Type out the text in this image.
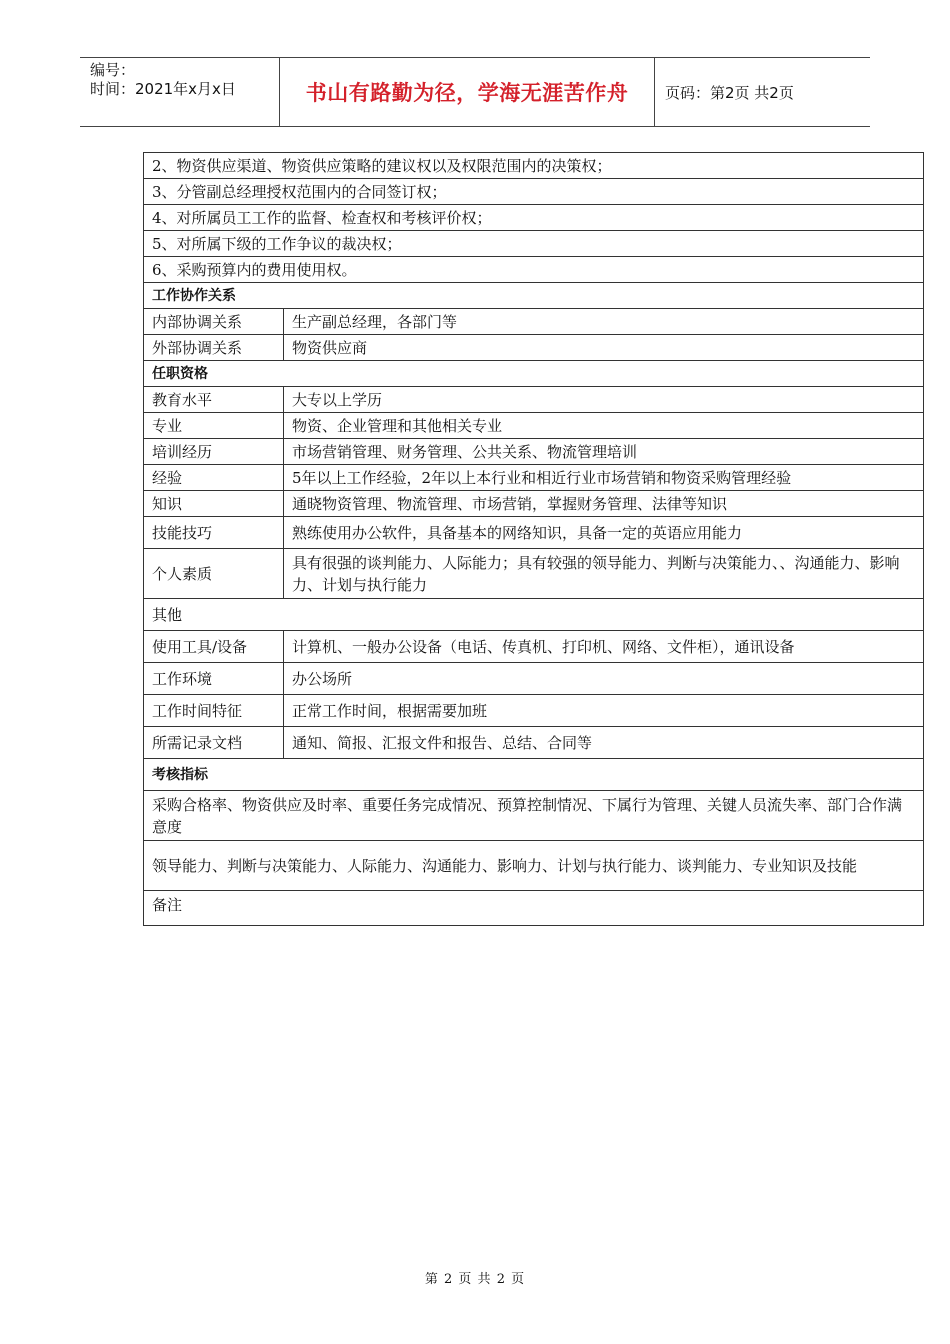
编号：
时间：2021年x月x日	书山有路勤为径，学海无涯苦作舟	页码：第2页 共2页
2、物资供应渠道、物资供应策略的建议权以及权限范围内的决策权；	
3、分管副总经理授权范围内的合同签订权；	
4、对所属员工工作的监督、检查权和考核评价权；	
5、对所属下级的工作争议的裁决权；	
6、采购预算内的费用使用权。	
工作协作关系	
内部协调关系	生产副总经理，各部门等
外部协调关系	物资供应商
任职资格	
教育水平	大专以上学历
专业	物资、企业管理和其他相关专业
培训经历	市场营销管理、财务管理、公共关系、物流管理培训
经验	5年以上工作经验，2年以上本行业和相近行业市场营销和物资采购管理经验
知识	通晓物资管理、物流管理、市场营销，掌握财务管理、法律等知识
技能技巧	熟练使用办公软件，具备基本的网络知识，具备一定的英语应用能力
个人素质	具有很强的谈判能力、人际能力；具有较强的领导能力、判断与决策能力、、沟通能力、影响力、计划与执行能力
其他	
使用工具/设备	计算机、一般办公设备（电话、传真机、打印机、网络、文件柜），通讯设备
工作环境	办公场所
工作时间特征	正常工作时间，根据需要加班
所需记录文档	通知、简报、汇报文件和报告、总结、合同等
考核指标	
采购合格率、物资供应及时率、重要任务完成情况、预算控制情况、下属行为管理、关键人员流失率、部门合作满意度	
领导能力、判断与决策能力、人际能力、沟通能力、影响力、计划与执行能力、谈判能力、专业知识及技能	
备注	
第 2 页 共 2 页
